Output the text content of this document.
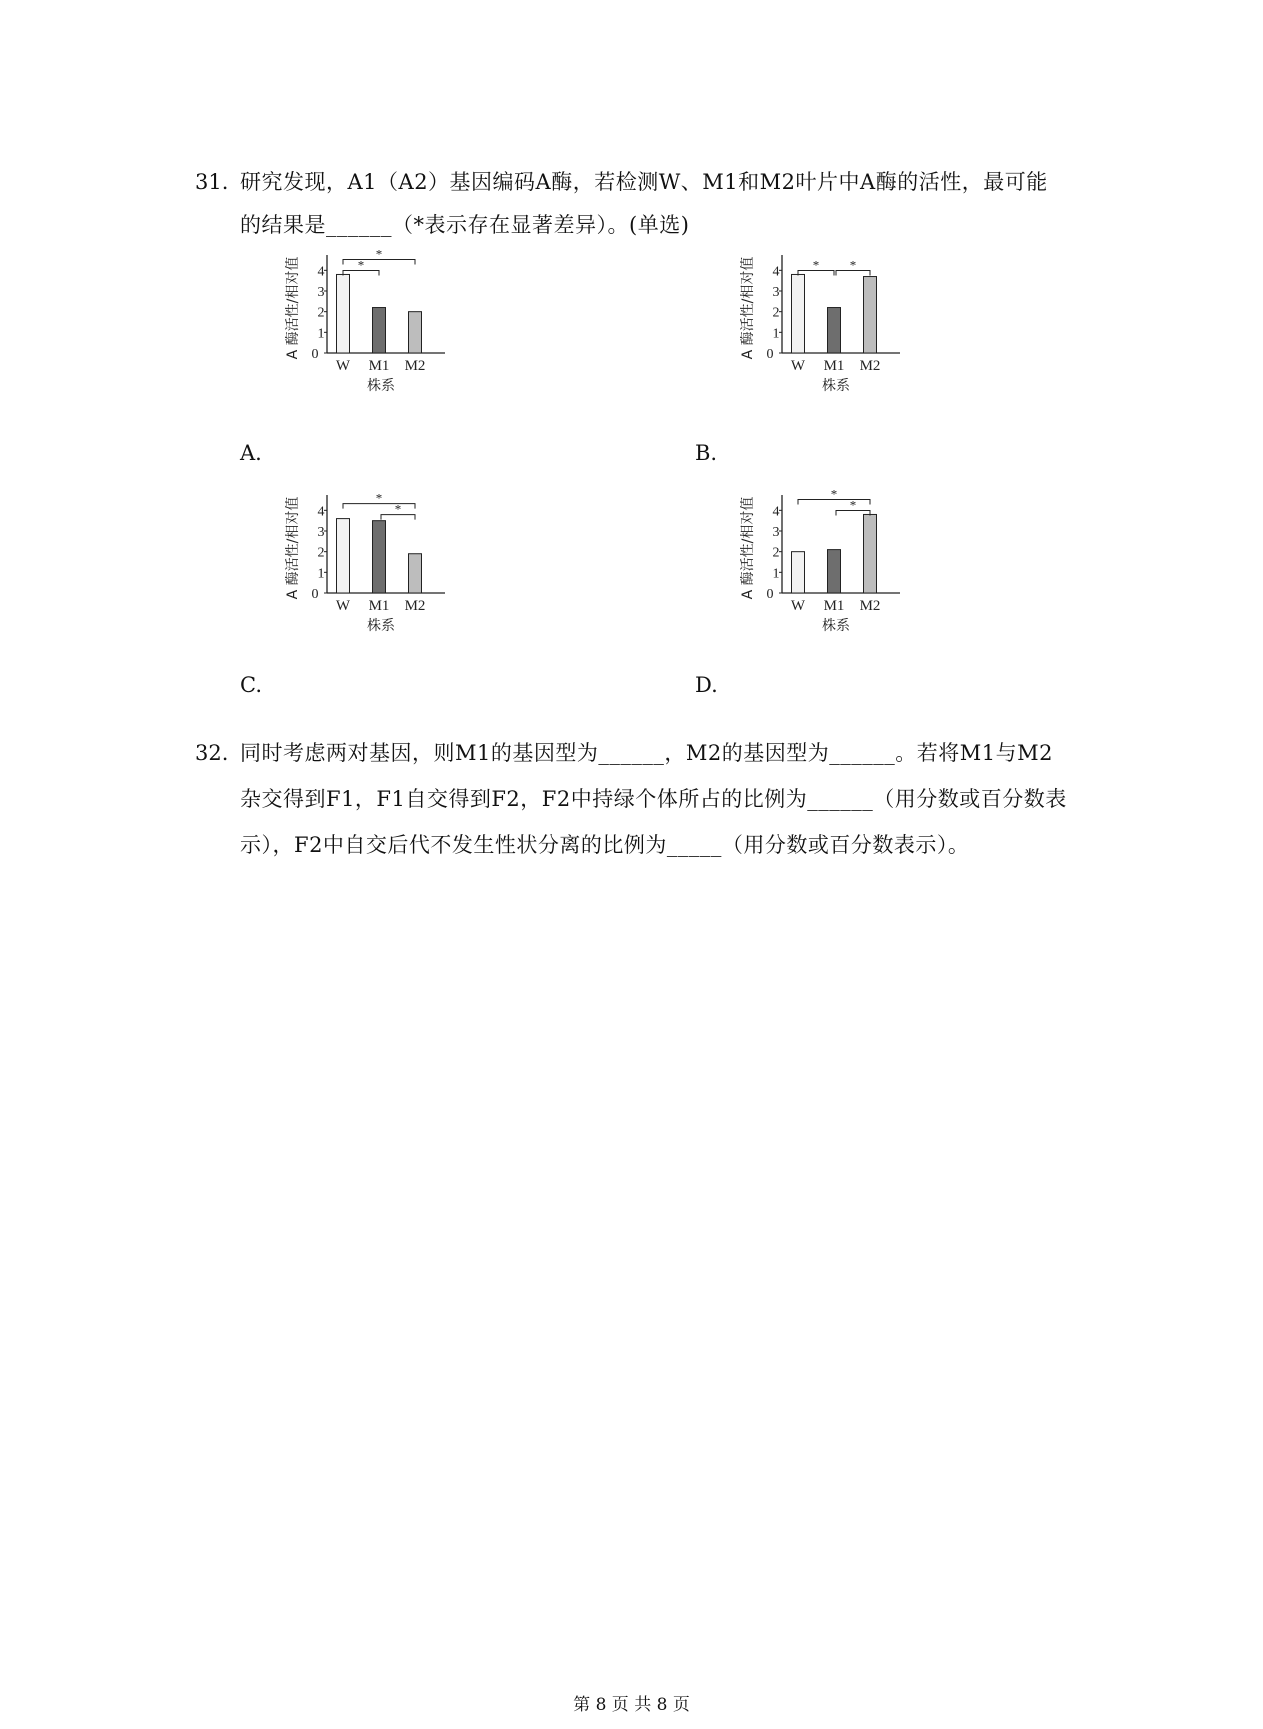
31. 研究发现，A1（A2）基因编码A酶，若检测W、M1和M2叶片中A酶的活性，最可能
的结果是______（*表示存在显著差异）。(单选)
A 酶活性/相对值 0
1
2
3
4
W M1 M2
株系
*
*
A.
A 酶活性/相对值 0
1
2
3
4
W M1 M2
株系
* *
B.
A 酶活性/相对值 0
1
2
3
4
W M1 M2
株系
*
*
C.
A 酶活性/相对值 0
1
2
3
4
W M1 M2
株系
*
*
D.
32. 同时考虑两对基因，则M1的基因型为______，M2的基因型为______。若将M1与M2
杂交得到F1，F1自交得到F2，F2中持绿个体所占的比例为______（用分数或百分数表
示），F2中自交后代不发生性状分离的比例为_____（用分数或百分数表示）。
第 8 页 共 8 页
